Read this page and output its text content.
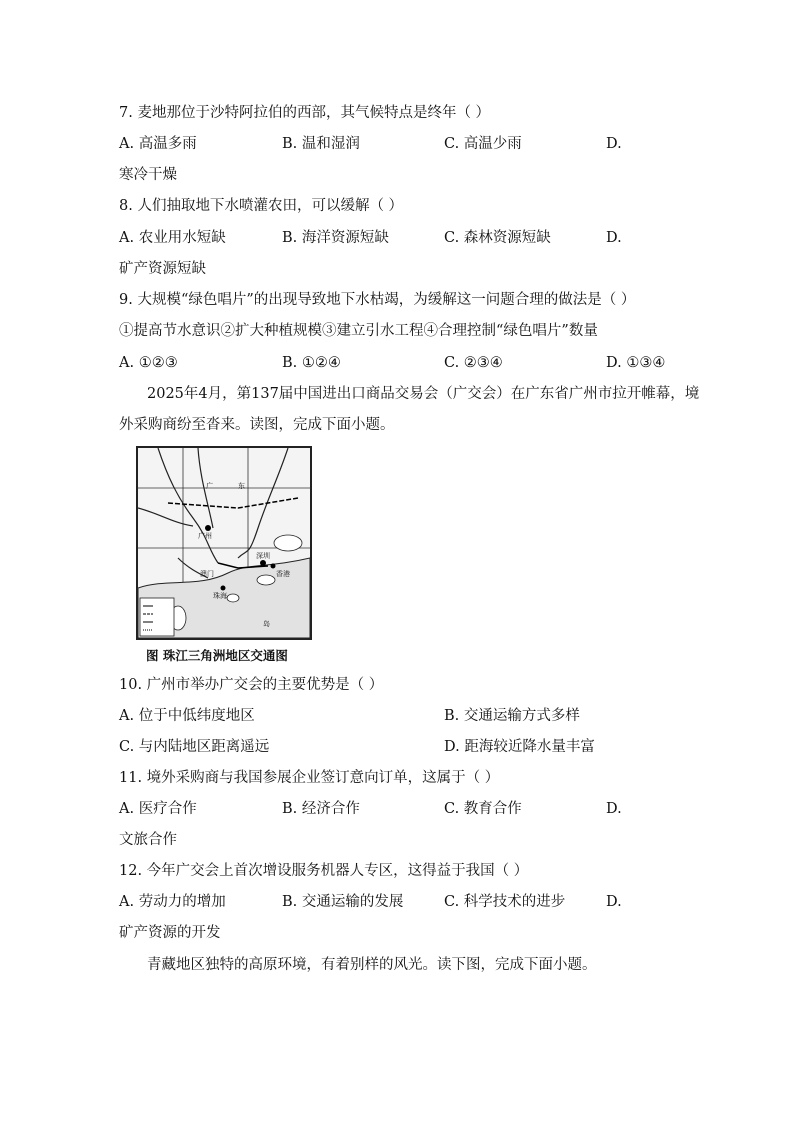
7. 麦地那位于沙特阿拉伯的西部，其气候特点是终年（ ）
A. 高温多雨	B. 温和湿润	C. 高温少雨	D.
寒冷干燥
8. 人们抽取地下水喷灌农田，可以缓解（ ）
A. 农业用水短缺	B. 海洋资源短缺	C. 森林资源短缺	D.
矿产资源短缺
9. 大规模“绿色唱片”的出现导致地下水枯竭，为缓解这一问题合理的做法是（ ）
①提高节水意识②扩大种植规模③建立引水工程④合理控制“绿色唱片”数量
A. ①②③	B. ①②④	C. ②③④	D. ①③④
2025年4月，第137届中国进出口商品交易会（广交会）在广东省广州市拉开帷幕，境
外采购商纷至沓来。读图，完成下面小题。
广	东
广州
深圳
珠海
澳门	香港
岛
图 珠江三角洲地区交通图
10. 广州市举办广交会的主要优势是（ ）
A. 位于中低纬度地区	B. 交通运输方式多样
C. 与内陆地区距离遥远	D. 距海较近降水量丰富
11. 境外采购商与我国参展企业签订意向订单，这属于（ ）
A. 医疗合作	B. 经济合作	C. 教育合作	D.
文旅合作
12. 今年广交会上首次增设服务机器人专区，这得益于我国（ ）
A. 劳动力的增加	B. 交通运输的发展	C. 科学技术的进步	D.
矿产资源的开发
青藏地区独特的高原环境，有着别样的风光。读下图，完成下面小题。
